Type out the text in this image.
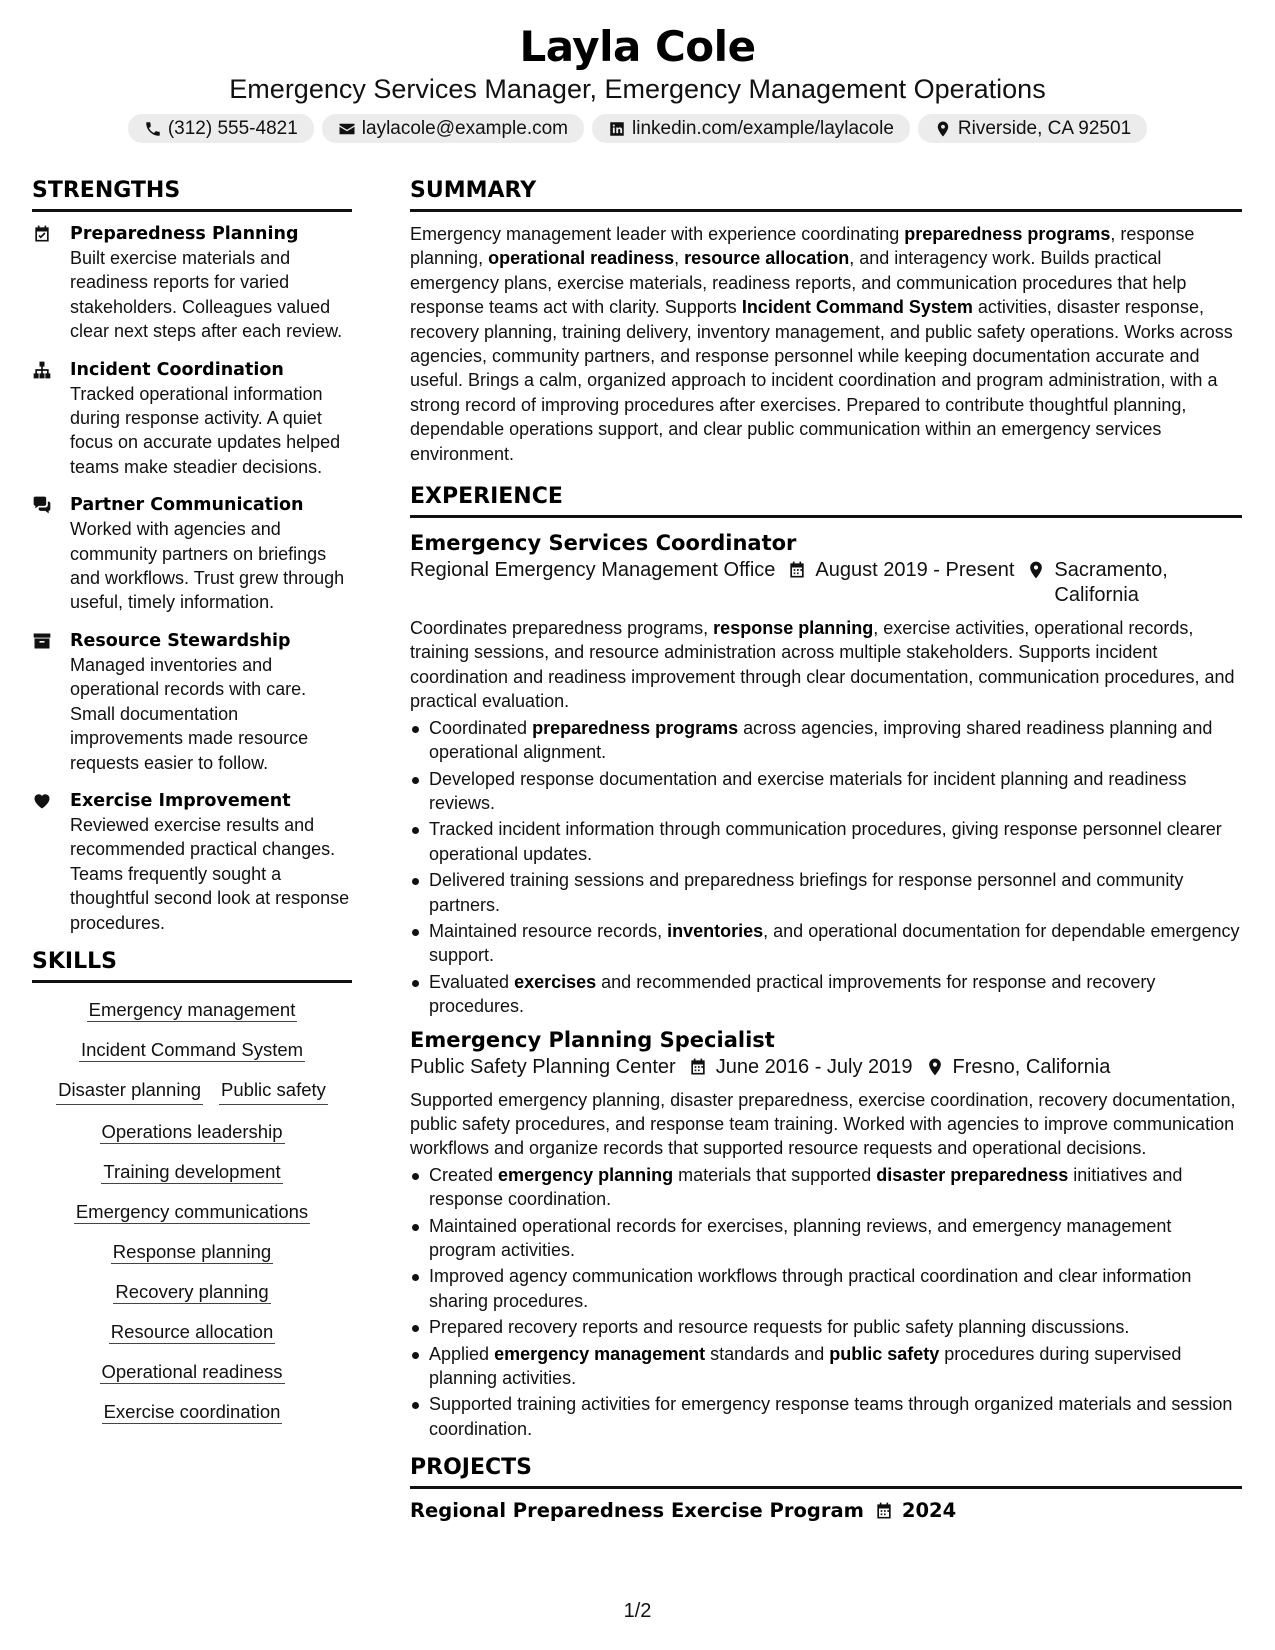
Layla Cole
Emergency Services Manager, Emergency Management Operations
(312) 555-4821	laylacole@example.com	linkedin.com/example/laylacole	Riverside, CA 92501
STRENGTHS
Preparedness Planning
Built exercise materials and readiness reports for varied stakeholders. Colleagues valued clear next steps after each review.
Incident Coordination
Tracked operational information during response activity. A quiet focus on accurate updates helped teams make steadier decisions.
Partner Communication
Worked with agencies and community partners on briefings and workflows. Trust grew through useful, timely information.
Resource Stewardship
Managed inventories and operational records with care. Small documentation improvements made resource requests easier to follow.
Exercise Improvement
Reviewed exercise results and recommended practical changes. Teams frequently sought a thoughtful second look at response procedures.
SKILLS
Emergency management
Incident Command System
Disaster planning Public safety
Operations leadership
Training development
Emergency communications
Response planning
Recovery planning
Resource allocation
Operational readiness
Exercise coordination
SUMMARY
Emergency management leader with experience coordinating preparedness programs, response planning, operational readiness, resource allocation, and interagency work. Builds practical emergency plans, exercise materials, readiness reports, and communication procedures that help response teams act with clarity. Supports Incident Command System activities, disaster response, recovery planning, training delivery, inventory management, and public safety operations. Works across agencies, community partners, and response personnel while keeping documentation accurate and useful. Brings a calm, organized approach to incident coordination and program administration, with a strong record of improving procedures after exercises. Prepared to contribute thoughtful planning, dependable operations support, and clear public communication within an emergency services environment.
EXPERIENCE
Emergency Services Coordinator
Regional Emergency Management Office August 2019 - Present Sacramento, California
Coordinates preparedness programs, response planning, exercise activities, operational records, training sessions, and resource administration across multiple stakeholders. Supports incident coordination and readiness improvement through clear documentation, communication procedures, and practical evaluation.
Coordinated preparedness programs across agencies, improving shared readiness planning and operational alignment.
Developed response documentation and exercise materials for incident planning and readiness reviews.
Tracked incident information through communication procedures, giving response personnel clearer operational updates.
Delivered training sessions and preparedness briefings for response personnel and community partners.
Maintained resource records, inventories, and operational documentation for dependable emergency support.
Evaluated exercises and recommended practical improvements for response and recovery procedures.
Emergency Planning Specialist
Public Safety Planning Center June 2016 - July 2019 Fresno, California
Supported emergency planning, disaster preparedness, exercise coordination, recovery documentation, public safety procedures, and response team training. Worked with agencies to improve communication workflows and organize records that supported resource requests and operational decisions.
Created emergency planning materials that supported disaster preparedness initiatives and response coordination.
Maintained operational records for exercises, planning reviews, and emergency management program activities.
Improved agency communication workflows through practical coordination and clear information sharing procedures.
Prepared recovery reports and resource requests for public safety planning discussions.
Applied emergency management standards and public safety procedures during supervised planning activities.
Supported training activities for emergency response teams through organized materials and session coordination.
PROJECTS
Regional Preparedness Exercise Program 2024
1/2
